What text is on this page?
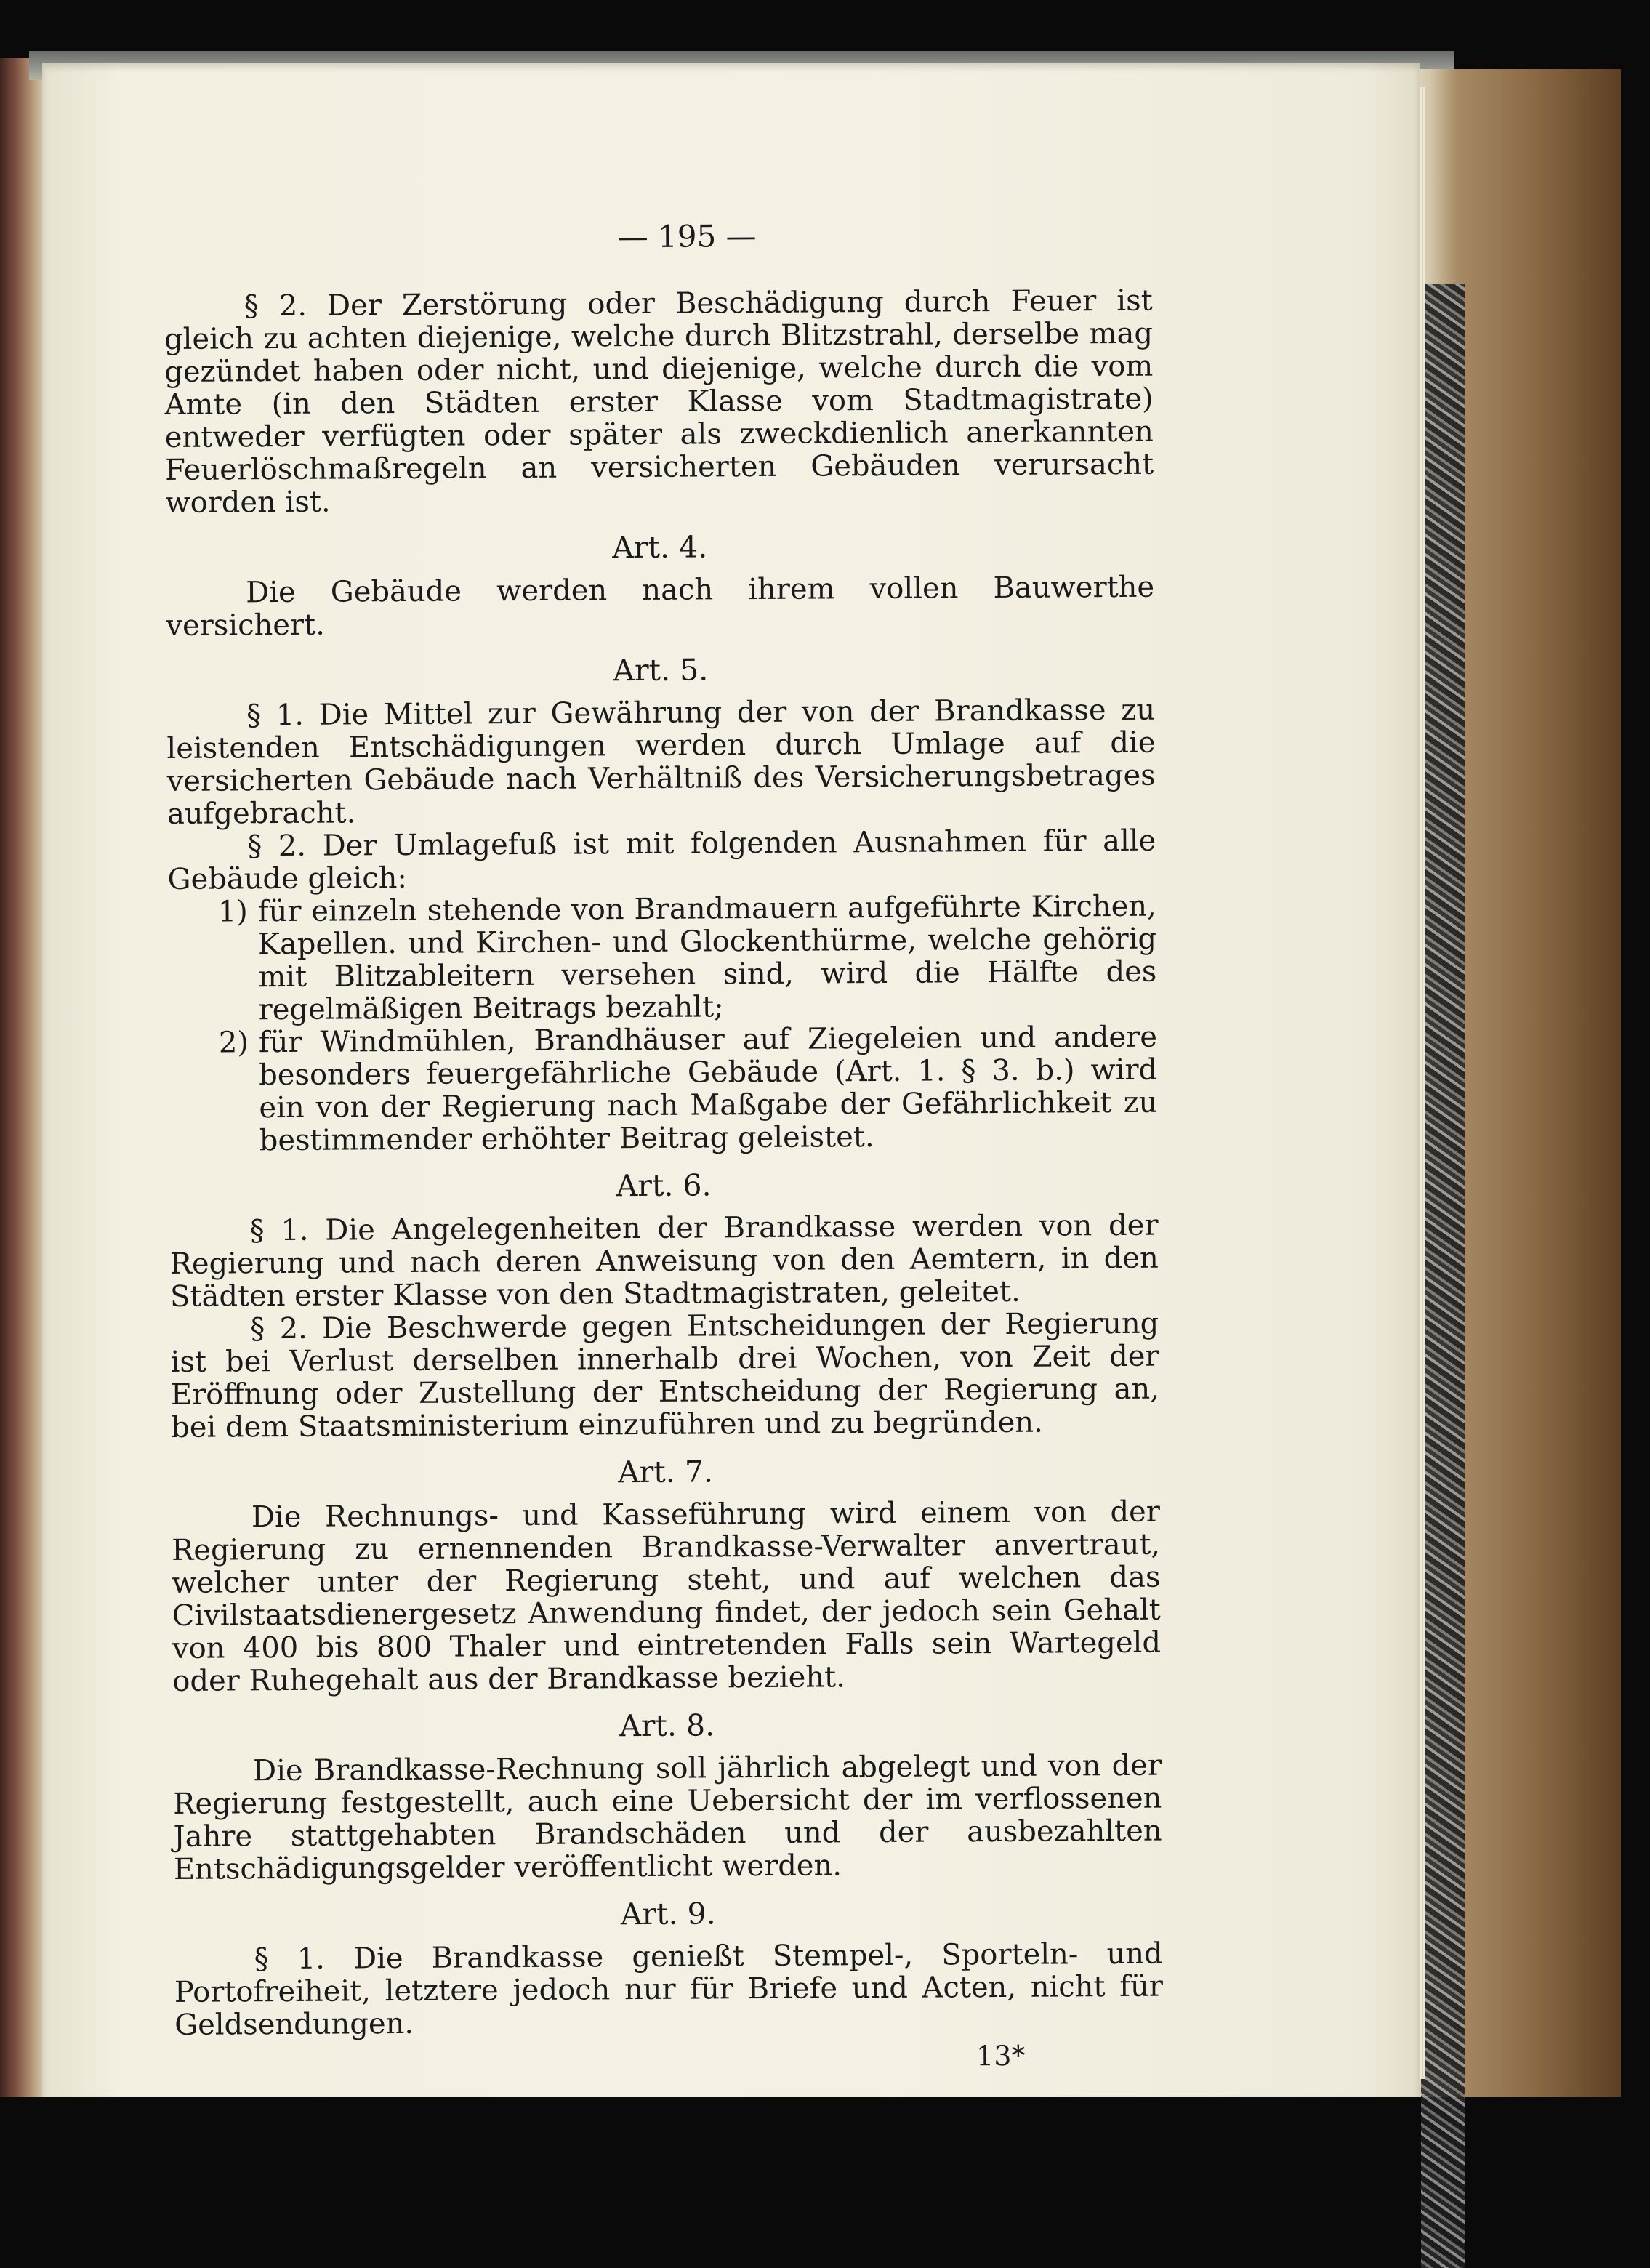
— 195 —

§ 2. Der Zerstörung oder Beschädigung durch Feuer ist gleich zu achten diejenige, welche durch Blitzstrahl, derselbe mag gezündet haben oder nicht, und diejenige, welche durch die vom Amte (in den Städten erster Klasse vom Stadtmagistrate) entweder verfügten oder später als zweckdienlich anerkannten Feuerlöschmaßregeln an versicherten Gebäuden verursacht worden ist.

Art. 4.

Die Gebäude werden nach ihrem vollen Bauwerthe versichert.

Art. 5.

§ 1. Die Mittel zur Gewährung der von der Brandkasse zu leistenden Entschädigungen werden durch Umlage auf die versicherten Gebäude nach Verhältniß des Versicherungsbetrages aufgebracht.

§ 2. Der Umlagefuß ist mit folgenden Ausnahmen für alle Gebäude gleich:

1) für einzeln stehende von Brandmauern aufgeführte Kirchen, Kapellen. und Kirchen- und Glockenthürme, welche gehörig mit Blitzableitern versehen sind, wird die Hälfte des regelmäßigen Beitrags bezahlt;
2) für Windmühlen, Brandhäuser auf Ziegeleien und andere besonders feuergefährliche Gebäude (Art. 1. § 3. b.) wird ein von der Regierung nach Maßgabe der Gefährlichkeit zu bestimmender erhöhter Beitrag geleistet.
Art. 6.

§ 1. Die Angelegenheiten der Brandkasse werden von der Regierung und nach deren Anweisung von den Aemtern, in den Städten erster Klasse von den Stadtmagistraten, geleitet.

§ 2. Die Beschwerde gegen Entscheidungen der Regierung ist bei Verlust derselben innerhalb drei Wochen, von Zeit der Eröffnung oder Zustellung der Entscheidung der Regierung an, bei dem Staatsministerium einzuführen und zu begründen.

Art. 7.

Die Rechnungs- und Kasseführung wird einem von der Regierung zu ernennenden Brandkasse-Verwalter anvertraut, welcher unter der Regierung steht, und auf welchen das Civilstaatsdienergesetz Anwendung findet, der jedoch sein Gehalt von 400 bis 800 Thaler und eintretenden Falls sein Wartegeld oder Ruhegehalt aus der Brandkasse bezieht.

Art. 8.

Die Brandkasse-Rechnung soll jährlich abgelegt und von der Regierung festgestellt, auch eine Uebersicht der im verflossenen Jahre stattgehabten Brandschäden und der ausbezahlten Entschädigungsgelder veröffentlicht werden.

Art. 9.

§ 1. Die Brandkasse genießt Stempel-, Sporteln- und Portofreiheit, letztere jedoch nur für Briefe und Acten, nicht für Geldsendungen.

13*
